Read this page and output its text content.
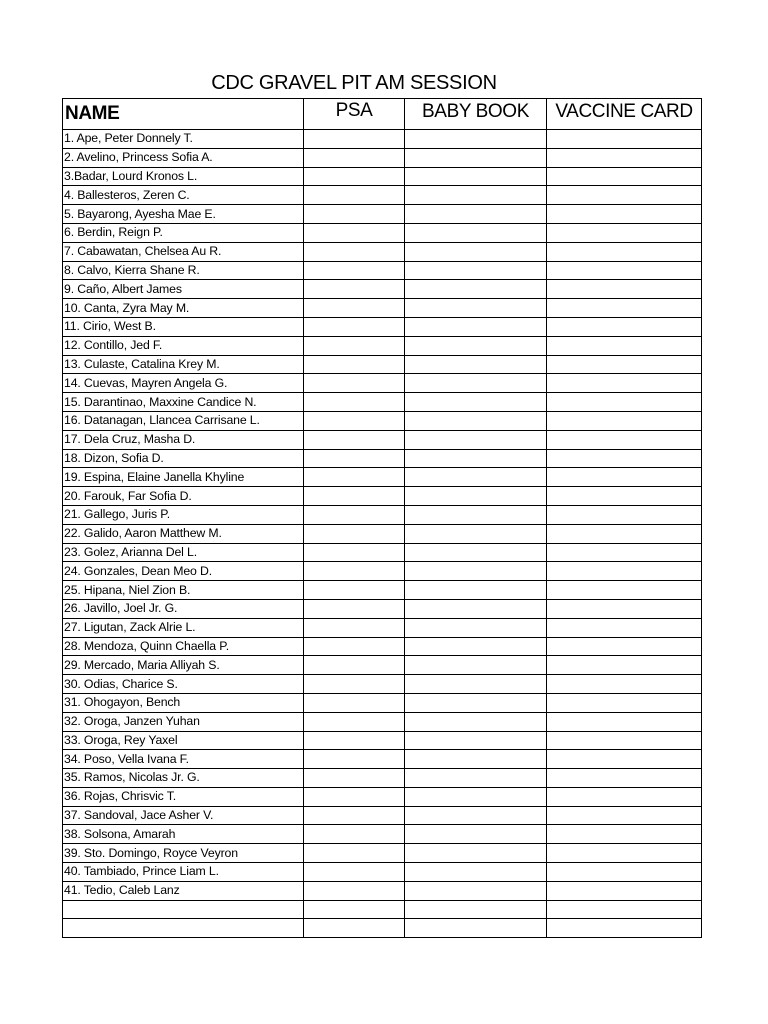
CDC GRAVEL PIT AM SESSION
NAME	PSA	BABY BOOK	VACCINE CARD
1. Ape, Peter Donnely T.			
2. Avelino, Princess Sofia A.			
3.Badar, Lourd Kronos L.			
4. Ballesteros, Zeren C.			
5. Bayarong, Ayesha Mae E.			
6. Berdin, Reign P.			
7. Cabawatan, Chelsea Au R.			
8. Calvo, Kierra Shane R.			
9. Caño, Albert James			
10. Canta, Zyra May M.			
11. Cirio, West B.			
12. Contillo, Jed F.			
13. Culaste, Catalina Krey M.			
14. Cuevas, Mayren Angela G.			
15. Darantinao, Maxxine Candice N.			
16. Datanagan, Llancea Carrisane L.			
17. Dela Cruz, Masha D.			
18. Dizon, Sofia D.			
19. Espina, Elaine Janella Khyline			
20. Farouk, Far Sofia D.			
21. Gallego, Juris P.			
22. Galido, Aaron Matthew M.			
23. Golez, Arianna Del L.			
24. Gonzales, Dean Meo D.			
25. Hipana, Niel Zion B.			
26. Javillo, Joel Jr. G.			
27. Ligutan, Zack Alrie L.			
28. Mendoza, Quinn Chaella P.			
29. Mercado, Maria Alliyah S.			
30. Odias, Charice S.			
31. Ohogayon, Bench			
32. Oroga, Janzen Yuhan			
33. Oroga, Rey Yaxel			
34. Poso, Vella Ivana F.			
35. Ramos, Nicolas Jr. G.			
36. Rojas, Chrisvic T.			
37. Sandoval, Jace Asher V.			
38. Solsona, Amarah			
39. Sto. Domingo, Royce Veyron			
40. Tambiado, Prince Liam L.			
41. Tedio, Caleb Lanz			
